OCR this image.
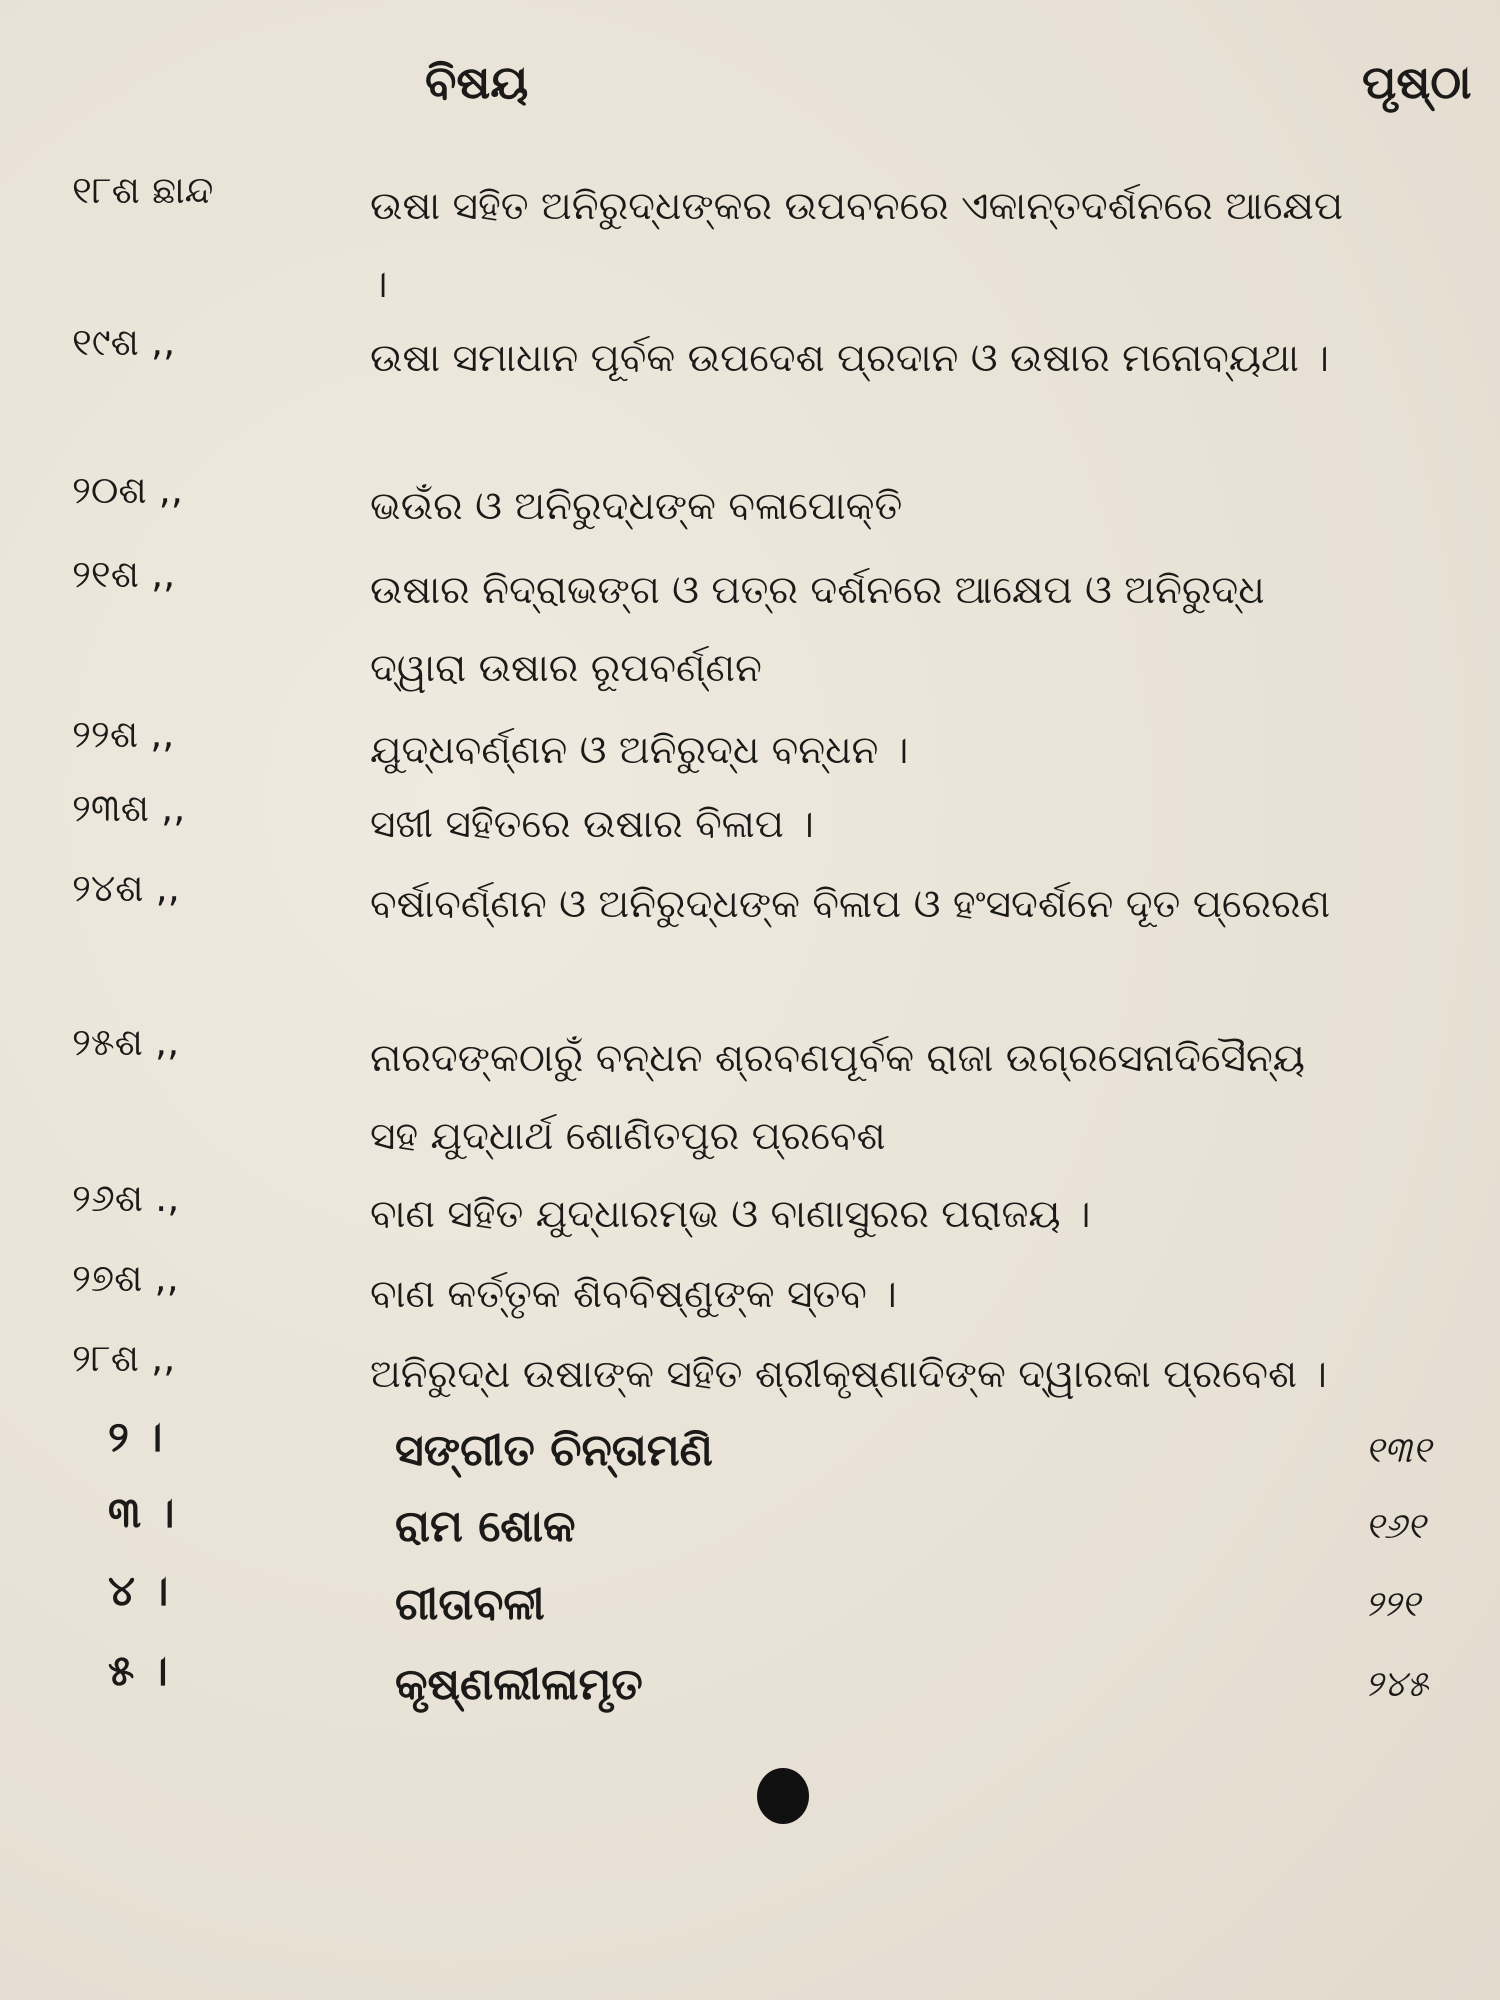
ବିଷୟ	ପୃଷ୍ଠା
୧୮ଶ ଛାନ୍ଦ	ଉଷା ସହିତ ଅନିରୁଦ୍ଧଙ୍କର ଉପବନରେ ଏକାନ୍ତଦର୍ଶନରେ ଆକ୍ଷେପ ।
୧୯ଶ ,,	ଉଷା ସମାଧାନ ପୂର୍ବକ ଉପଦେଶ ପ୍ରଦାନ ଓ ଉଷାର ମନୋବ୍ୟଥା ।
୨୦ଶ ,,	ଭଉଁର ଓ ଅନିରୁଦ୍ଧଙ୍କ ବଳାପୋକ୍ତି
୨୧ଶ ,,	ଉଷାର ନିଦ୍ରାଭଙ୍ଗ ଓ ପତ୍ର ଦର୍ଶନରେ ଆକ୍ଷେପ ଓ ଅନିରୁଦ୍ଧ ଦ୍ୱାରା ଉଷାର ରୂପବର୍ଣ୍ଣନ
୨୨ଶ ,,	ଯୁଦ୍ଧବର୍ଣ୍ଣନ ଓ ଅନିରୁଦ୍ଧ ବନ୍ଧନ ।
୨୩ଶ ,,	ସଖୀ ସହିତରେ ଉଷାର ବିଳାପ ।
୨୪ଶ ,,	ବର୍ଷାବର୍ଣ୍ଣନ ଓ ଅନିରୁଦ୍ଧଙ୍କ ବିଳାପ ଓ ହଂସଦର୍ଶନେ ଦୂତ ପ୍ରେରଣ
୨୫ଶ ,,	ନାରଦଙ୍କଠାରୁଁ ବନ୍ଧନ ଶ୍ରବଣପୂର୍ବକ ରାଜା ଉଗ୍ରସେନାଦିସୈନ୍ୟ ସହ ଯୁଦ୍ଧାର୍ଥ ଶୋଣିତପୁର ପ୍ରବେଶ
୨୬ଶ .,	ବାଣ ସହିତ ଯୁଦ୍ଧାରମ୍ଭ ଓ ବାଣାସୁରର ପରାଜୟ ।
୨୭ଶ ,,	ବାଣ କର୍ତ୍ତୃକ ଶିବବିଷ୍ଣୁଙ୍କ ସ୍ତବ ।
୨୮ଶ ,,	ଅନିରୁଦ୍ଧ ଉଷାଙ୍କ ସହିତ ଶ୍ରୀକୃଷ୍ଣାଦିଙ୍କ ଦ୍ୱାରକା ପ୍ରବେଶ ।
୨ ।	ସଙ୍ଗୀତ ଚିନ୍ତାମଣି	୧୩୧
୩ ।	ରାମ ଶୋକ	୧୬୧
୪ ।	ଗୀତାବଳୀ	୨୨୧
୫ ।	କୃଷ୍ଣଲୀଳାମୃତ	୨୪୫
